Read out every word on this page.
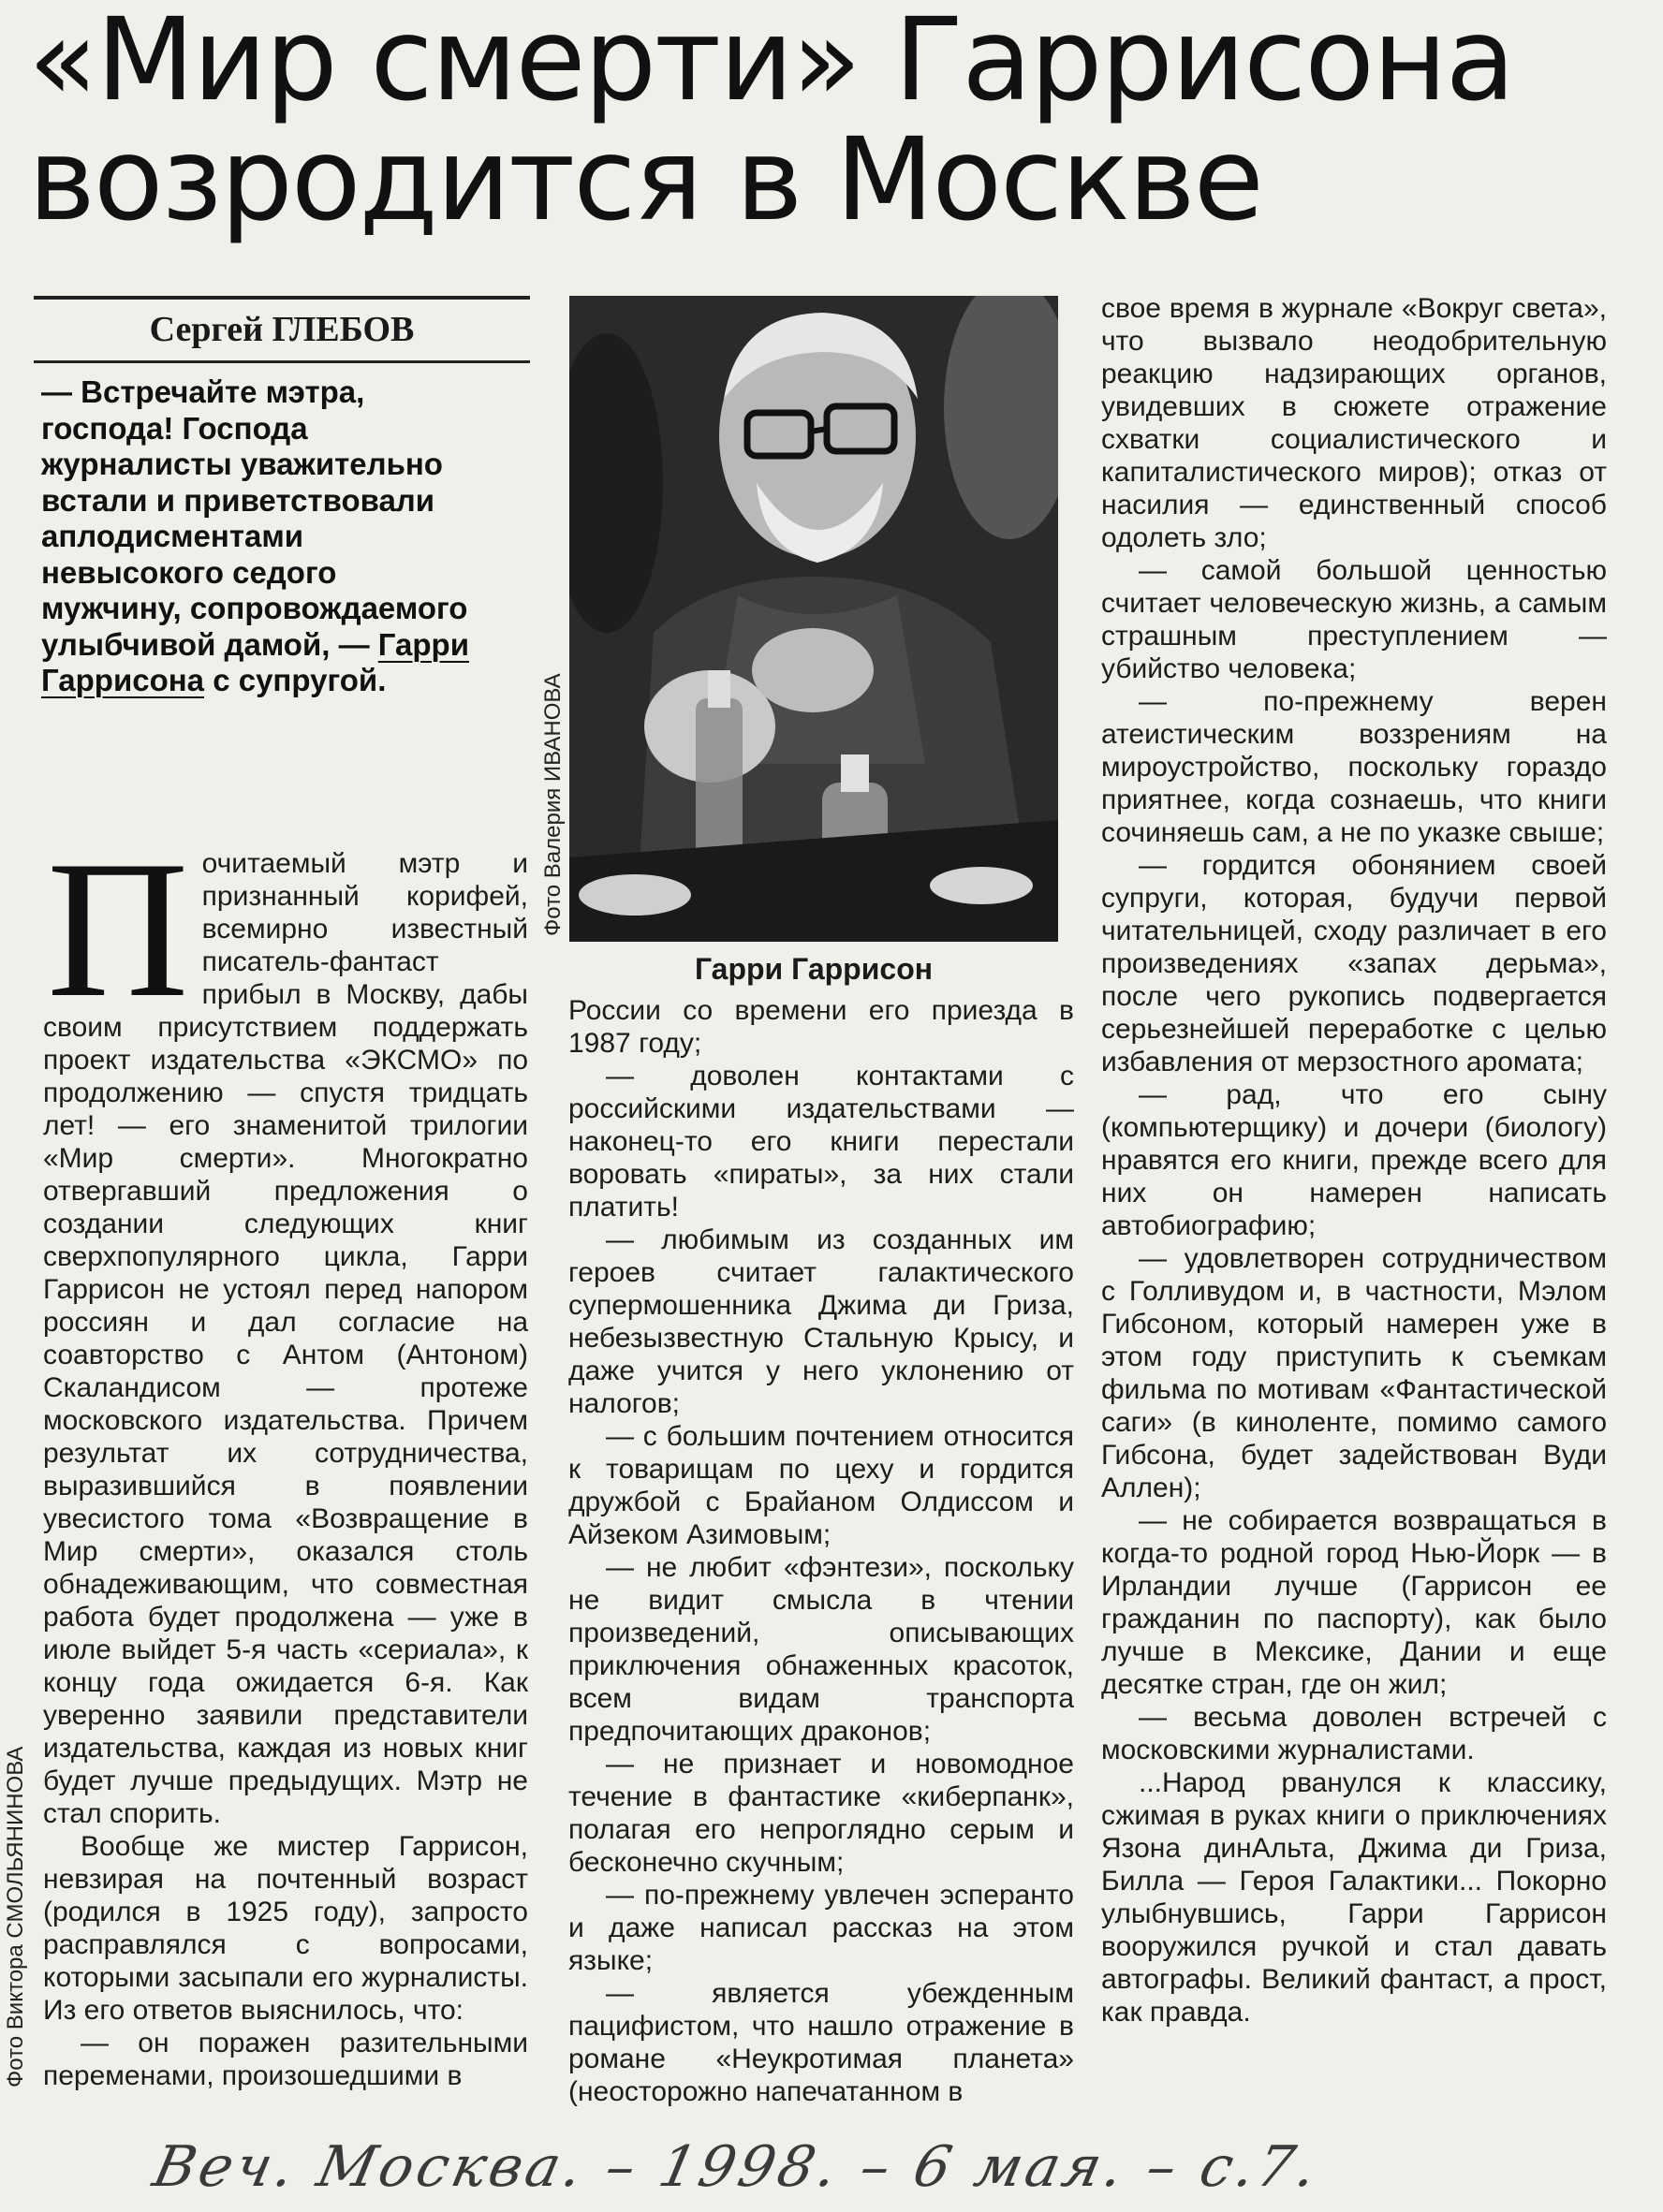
«Мир смерти» Гаррисона возродится в Москве
Сергей ГЛЕБОВ
— Встречайте мэтра, господа! Господа журналисты уважительно встали и приветствовали аплодисментами невысокого седого мужчину, сопровождаемого улыбчивой дамой, — Гарри Гаррисона с супругой.

Почитаемый мэтр и признанный корифей, всемирно известный писатель-фантаст прибыл в Москву, дабы своим присутствием поддержать проект издательства «ЭКСМО» по продолжению — спустя тридцать лет! — его знаменитой трилогии «Мир смерти». Многократно отвергавший предложения о создании следующих книг сверхпопулярного цикла, Гарри Гаррисон не устоял перед напором россиян и дал согласие на соавторство с Антом (Антоном) Скаландисом — протеже московского издательства. Причем результат их сотрудничества, выразившийся в появлении увесистого тома «Возвращение в Мир смерти», оказался столь обнадеживающим, что совместная работа будет продолжена — уже в июле выйдет 5-я часть «сериала», к концу года ожидается 6-я. Как уверенно заявили представители издательства, каждая из новых книг будет лучше предыдущих. Мэтр не стал спорить.

Вообще же мистер Гаррисон, невзирая на почтенный возраст (родился в 1925 году), запросто расправлялся с вопросами, которыми засыпали его журналисты. Из его ответов выяснилось, что:

— он поражен разительными переменами, произошедшими в

Фото Валерия ИВАНОВА
Гарри Гаррисон

России со времени его приезда в 1987 году;

— доволен контактами с российскими издательствами — наконец-то его книги перестали воровать «пираты», за них стали платить!

— любимым из созданных им героев считает галактического супермошенника Джима ди Гриза, небезызвестную Стальную Крысу, и даже учится у него уклонению от налогов;

— с большим почтением относится к товарищам по цеху и гордится дружбой с Брайаном Олдиссом и Айзеком Азимовым;

— не любит «фэнтези», поскольку не видит смысла в чтении произведений, описывающих приключения обнаженных красоток, всем видам транспорта предпочитающих драконов;

— не признает и новомодное течение в фантастике «киберпанк», полагая его непроглядно серым и бесконечно скучным;

— по-прежнему увлечен эсперанто и даже написал рассказ на этом языке;

— является убежденным пацифистом, что нашло отражение в романе «Неукротимая планета» (неосторожно напечатанном в

свое время в журнале «Вокруг света», что вызвало неодобрительную реакцию надзирающих органов, увидевших в сюжете отражение схватки социалистического и капиталистического миров); отказ от насилия — единственный способ одолеть зло;

— самой большой ценностью считает человеческую жизнь, а самым страшным преступлением — убийство человека;

— по-прежнему верен атеистическим воззрениям на мироустройство, поскольку гораздо приятнее, когда сознаешь, что книги сочиняешь сам, а не по указке свыше;

— гордится обонянием своей супруги, которая, будучи первой читательницей, сходу различает в его произведениях «запах дерьма», после чего рукопись подвергается серьезнейшей переработке с целью избавления от мерзостного аромата;

— рад, что его сыну (компьютерщику) и дочери (биологу) нравятся его книги, прежде всего для них он намерен написать автобиографию;

— удовлетворен сотрудничеством с Голливудом и, в частности, Мэлом Гибсоном, который намерен уже в этом году приступить к съемкам фильма по мотивам «Фантастической саги» (в киноленте, помимо самого Гибсона, будет задействован Вуди Аллен);

— не собирается возвращаться в когда-то родной город Нью-Йорк — в Ирландии лучше (Гаррисон ее гражданин по паспорту), как было лучше в Мексике, Дании и еще десятке стран, где он жил;

— весьма доволен встречей с московскими журналистами.

...Народ рванулся к классику, сжимая в руках книги о приключениях Язона динАльта, Джима ди Гриза, Билла — Героя Галактики... Покорно улыбнувшись, Гарри Гаррисон вооружился ручкой и стал давать автографы. Великий фантаст, а прост, как правда.

Фото Виктора СМОЛЬЯНИНОВА
Веч. Москва. – 1998. – 6 мая. – с.7.
